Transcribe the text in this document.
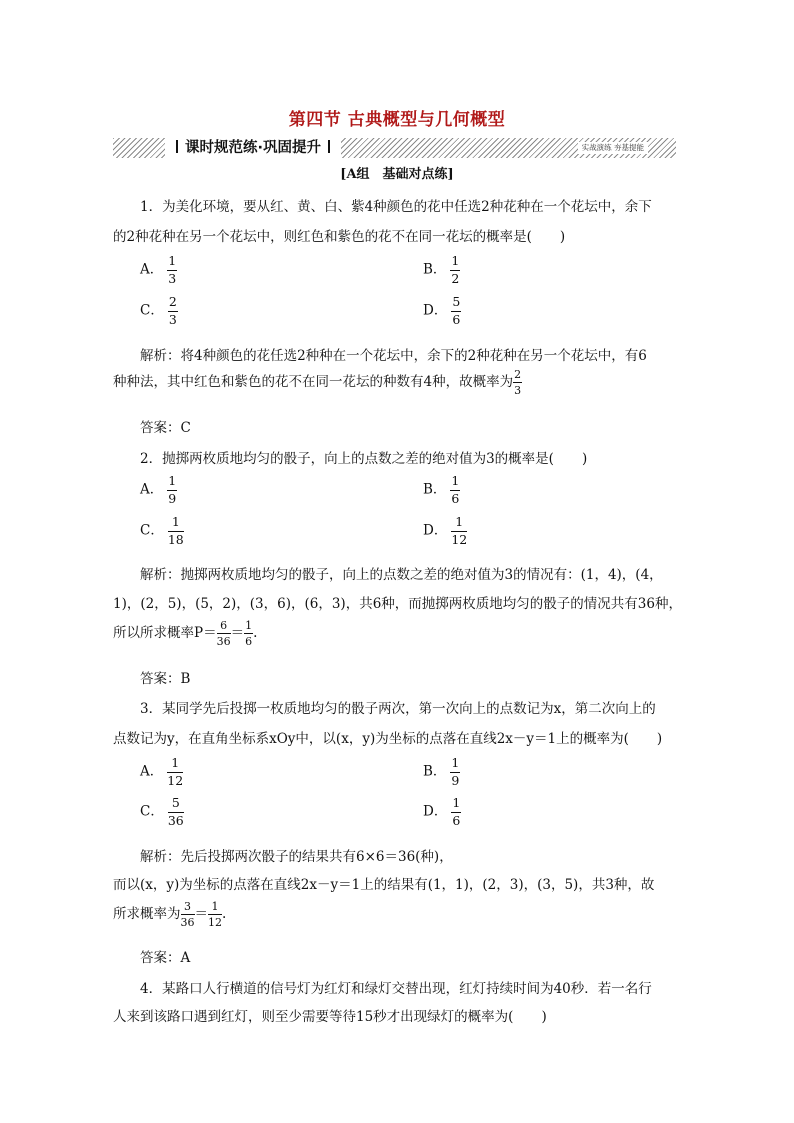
第四节 古典概型与几何概型
课时规范练·巩固提升	实战演练 夯基提能
[A组　基础对点练]
1．为美化环境，要从红、黄、白、紫4种颜色的花中任选2种花种在一个花坛中，余下
的2种花种在另一个花坛中，则红色和紫色的花不在同一花坛的概率是( )
A． $\frac{1}{3}$	B． $\frac{1}{2}$
C． $\frac{2}{3}$	D． $\frac{5}{6}$
解析：将4种颜色的花任选2种种在一个花坛中，余下的2种花种在另一个花坛中，有6
种种法，其中红色和紫色的花不在同一花坛的种数有4种，故概率为 $\frac{2}{3}$
答案：C
2．抛掷两枚质地均匀的骰子，向上的点数之差的绝对值为3的概率是( )
A． $\frac{1}{9}$	B． $\frac{1}{6}$
C． $\frac{1}{18}$	D． $\frac{1}{12}$
解析：抛掷两枚质地均匀的骰子，向上的点数之差的绝对值为3的情况有：(1，4)，(4，
1)，(2，5)，(5，2)，(3，6)，(6，3)，共6种，而抛掷两枚质地均匀的骰子的情况共有36种，
所以所求概率$P= \frac{6}{36} = \frac{1}{6}$ .
答案：B
3．某同学先后投掷一枚质地均匀的骰子两次，第一次向上的点数记为x，第二次向上的
点数记为y，在直角坐标系xOy中，以(x，y)为坐标的点落在直线2x－y＝1上的概率为( )
A． $\frac{1}{12}$	B． $\frac{1}{9}$
C． $\frac{5}{36}$	D． $\frac{1}{6}$
解析：先后投掷两次骰子的结果共有6×6＝36(种)，
而以(x，y)为坐标的点落在直线2x－y＝1上的结果有(1，1)，(2，3)，(3，5)，共3种，故
所求概率为 $\frac{3}{36} = \frac{1}{12}$ .
答案：A
4．某路口人行横道的信号灯为红灯和绿灯交替出现，红灯持续时间为40秒．若一名行
人来到该路口遇到红灯，则至少需要等待15秒才出现绿灯的概率为( )
